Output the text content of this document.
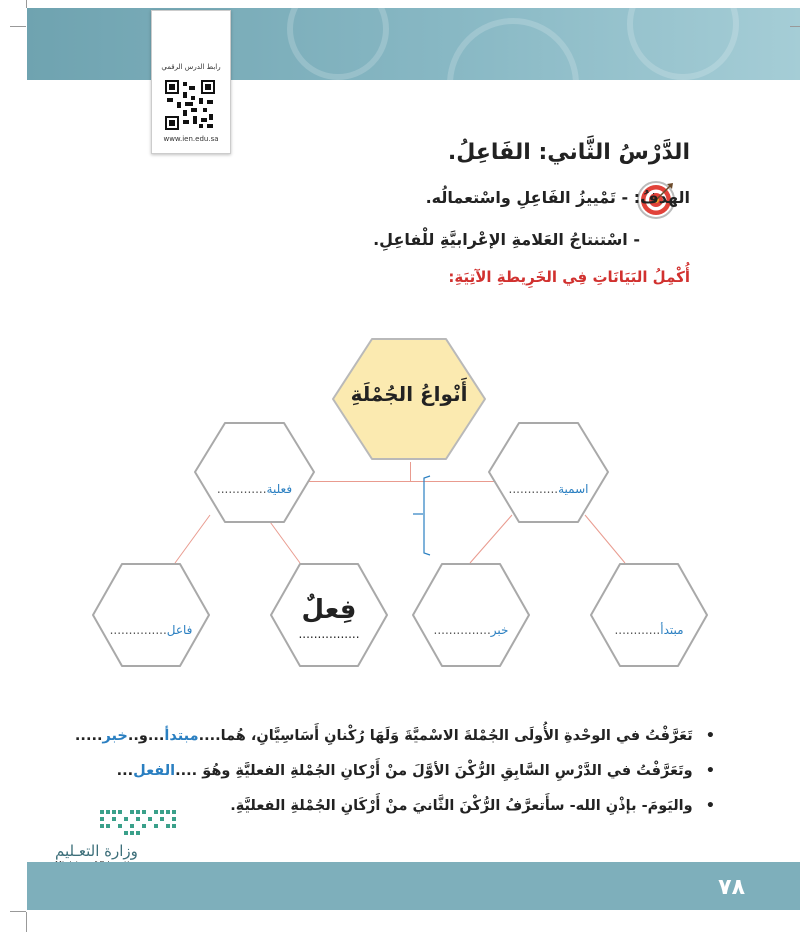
رابط الدرس الرقمي
www.ien.edu.sa
الدَّرْسُ الثَّاني: الفَاعِلُ.
الهدفُ: - تَمْييزُ الفَاعِلِ واسْتعمالُه.
- اسْتنتاجُ العَلامةِ الإعْرابيَّةِ للْفاعِلِ.
أُكْمِلُ البَيَانَاتِ فِي الخَرِيطةِ الآتِيَةِ:
أَنْواعُ الجُمْلَةِ
فعلية.............	اسمية.............
فاعل...............
فِعلٌ
................	خبر...............	مبتدأ............
• تَعَرَّفْتُ في الوحْدةِ الأُولَى الجُمْلةَ الاسْميَّةَ وَلَهَا رُكْنانِ أَسَاسِيَّانِ، هُما....مبتدأ...و..خبر.....
• وتَعَرَّفْتُ في الدَّرْسِ السَّابِقِ الرُّكْنَ الأوَّلَ منْ أَرْكانِ الجُمْلةِ الفعليَّةِ وهُوَ ....الفعل...
• واليَومَ- بإذْنِ الله- سأَتعرَّفُ الرُّكْنَ الثَّانيَ منْ أَرْكَانِ الجُمْلةِ الفعليَّةِ.
وزارة التعـليم
٧٨
